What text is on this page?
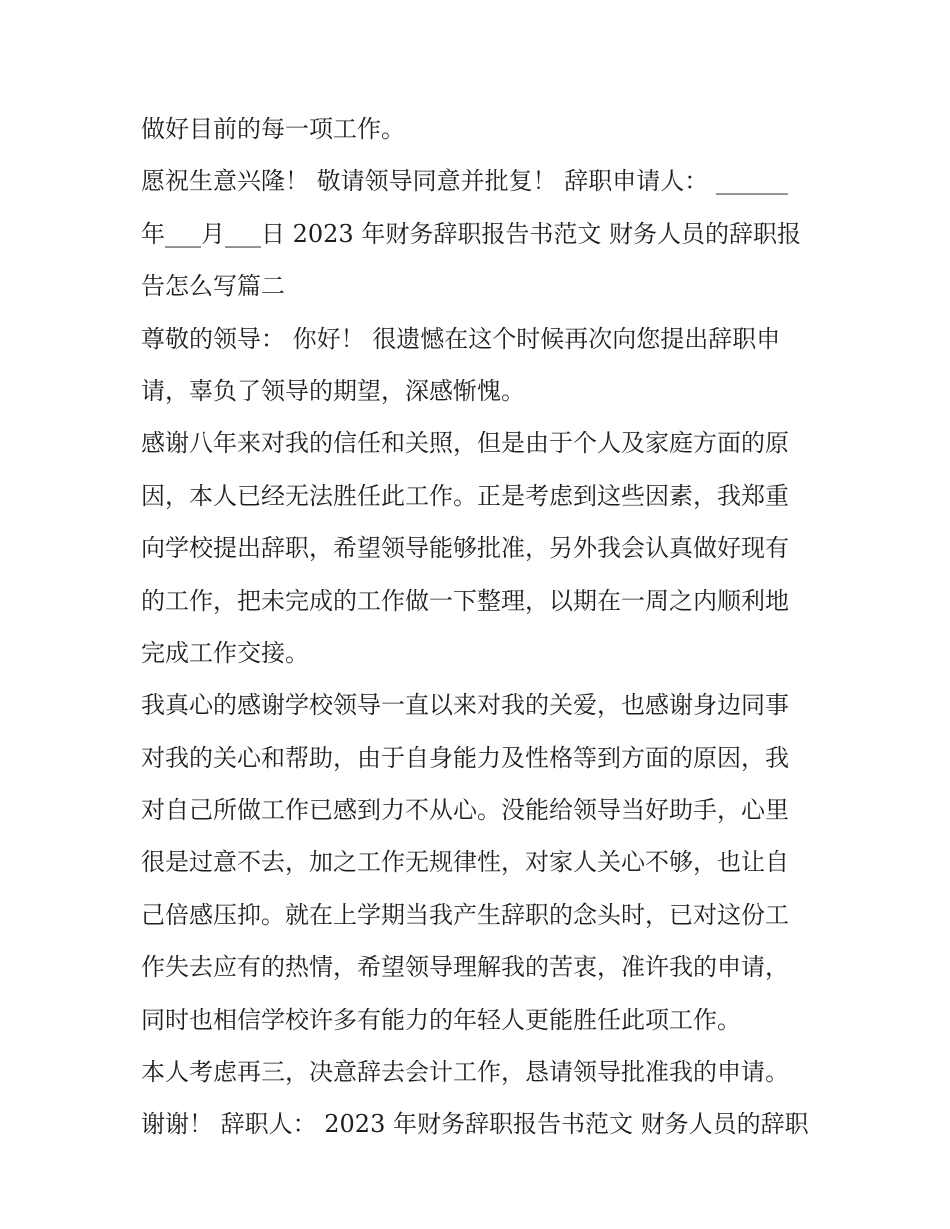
做好目前的每一项工作。
愿祝生意兴隆！ 敬请领导同意并批复！ 辞职申请人： ______
年___月___日 2023 年财务辞职报告书范文 财务人员的辞职报
告怎么写篇二
尊敬的领导： 你好！ 很遗憾在这个时候再次向您提出辞职申
请，辜负了领导的期望，深感惭愧。
感谢八年来对我的信任和关照，但是由于个人及家庭方面的原
因，本人已经无法胜任此工作。正是考虑到这些因素，我郑重
向学校提出辞职，希望领导能够批准，另外我会认真做好现有
的工作，把未完成的工作做一下整理，以期在一周之内顺利地
完成工作交接。
我真心的感谢学校领导一直以来对我的关爱，也感谢身边同事
对我的关心和帮助，由于自身能力及性格等到方面的原因，我
对自己所做工作已感到力不从心。没能给领导当好助手，心里
很是过意不去，加之工作无规律性，对家人关心不够，也让自
己倍感压抑。就在上学期当我产生辞职的念头时，已对这份工
作失去应有的热情，希望领导理解我的苦衷，准许我的申请，
同时也相信学校许多有能力的年轻人更能胜任此项工作。
本人考虑再三，决意辞去会计工作，恳请领导批准我的申请。
谢谢！ 辞职人： 2023 年财务辞职报告书范文 财务人员的辞职
